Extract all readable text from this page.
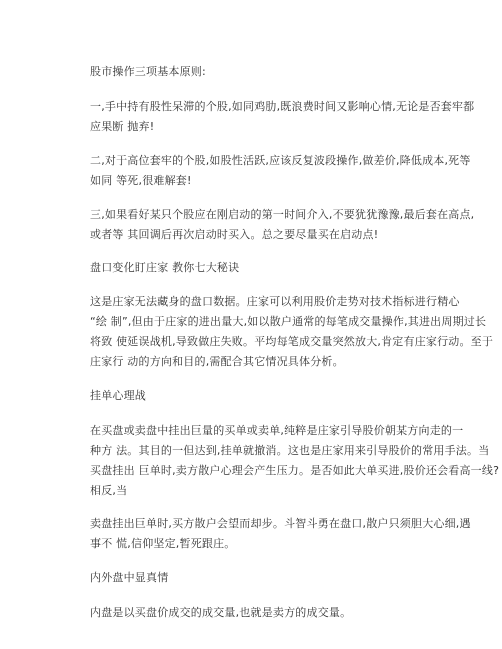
股市操作三项基本原则:

一,手中持有股性呆滞的个股,如同鸡肋,既浪费时间又影响心情,无论是否套牢都
应果断 抛弃!

二,对于高位套牢的个股,如股性活跃,应该反复波段操作,做差价,降低成本,死等
如同 等死,很难解套!

三,如果看好某只个股应在刚启动的第一时间介入,不要犹犹豫豫,最后套在高点,
或者等 其回调后再次启动时买入。总之要尽量买在启动点!

盘口变化盯庄家 教你七大秘诀

这是庄家无法藏身的盘口数据。庄家可以利用股价走势对技术指标进行精心
“绘 制”,但由于庄家的进出量大,如以散户通常的每笔成交量操作,其进出周期过长
将致 使延误战机,导致做庄失败。平均每笔成交量突然放大,肯定有庄家行动。至于
庄家行 动的方向和目的,需配合其它情况具体分析。

挂单心理战

在买盘或卖盘中挂出巨量的买单或卖单,纯粹是庄家引导股价朝某方向走的一
种方 法。其目的一但达到,挂单就撤消。这也是庄家用来引导股价的常用手法。当
买盘挂出 巨单时,卖方散户心理会产生压力。是否如此大单买进,股价还会看高一线?
相反,当

卖盘挂出巨单时,买方散户会望而却步。斗智斗勇在盘口,散户只须胆大心细,遇
事不 慌,信仰坚定,暂死跟庄。

内外盘中显真情

内盘是以买盘价成交的成交量,也就是卖方的成交量。
